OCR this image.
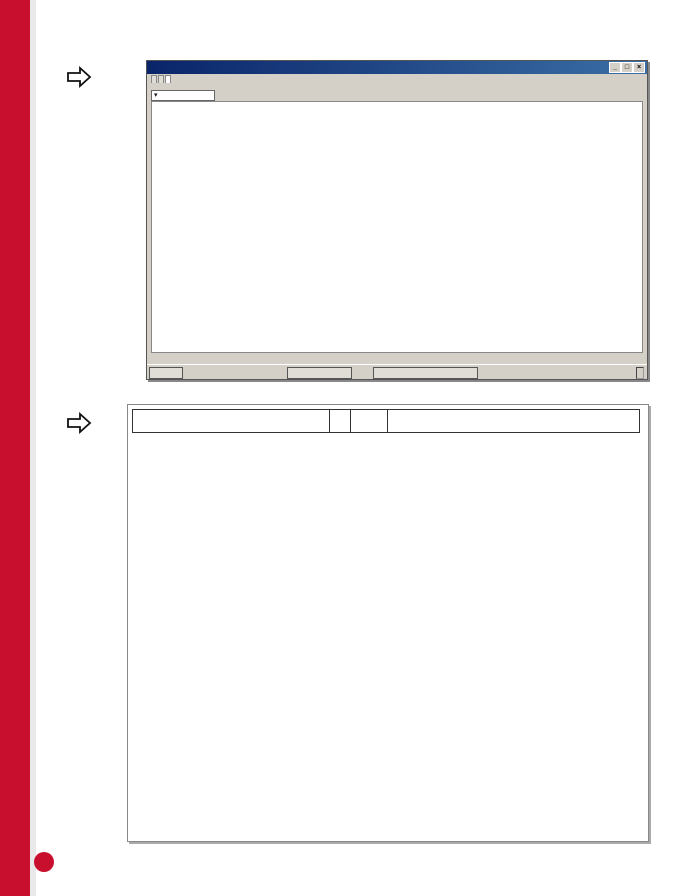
_	□	×
▾
